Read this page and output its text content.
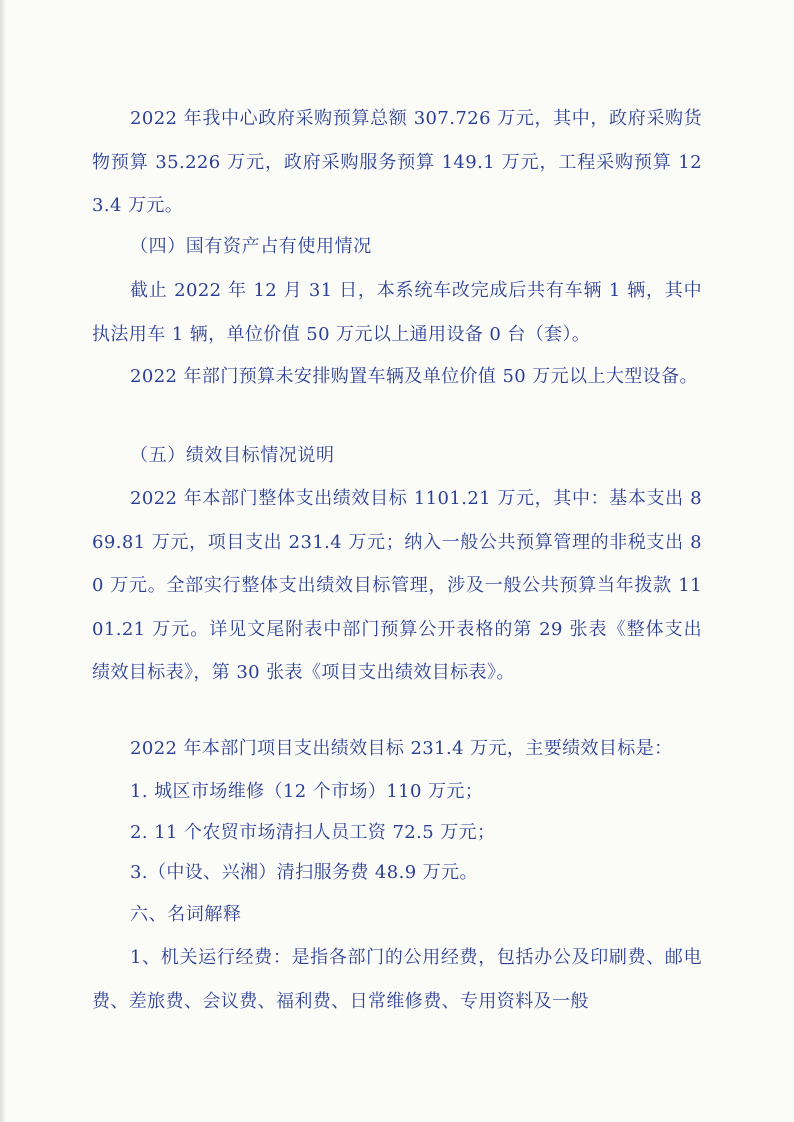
2022 年我中心政府采购预算总额 307.726 万元，其中，政府采购货物预算 35.226 万元，政府采购服务预算 149.1 万元，工程采购预算 123.4 万元。

（四）国有资产占有使用情况

截止 2022 年 12 月 31 日，本系统车改完成后共有车辆 1 辆，其中执法用车 1 辆，单位价值 50 万元以上通用设备 0 台（套）。

2022 年部门预算未安排购置车辆及单位价值 50 万元以上大型设备。

（五）绩效目标情况说明

2022 年本部门整体支出绩效目标 1101.21 万元，其中：基本支出 869.81 万元，项目支出 231.4 万元；纳入一般公共预算管理的非税支出 80 万元。全部实行整体支出绩效目标管理，涉及一般公共预算当年拨款 1101.21 万元。详见文尾附表中部门预算公开表格的第 29 张表《整体支出绩效目标表》，第 30 张表《项目支出绩效目标表》。

2022 年本部门项目支出绩效目标 231.4 万元，主要绩效目标是：

1. 城区市场维修（12 个市场）110 万元；

2. 11 个农贸市场清扫人员工资 72.5 万元；

3.（中设、兴湘）清扫服务费 48.9 万元。

六、名词解释

1、机关运行经费：是指各部门的公用经费，包括办公及印刷费、邮电费、差旅费、会议费、福利费、日常维修费、专用资料及一般
